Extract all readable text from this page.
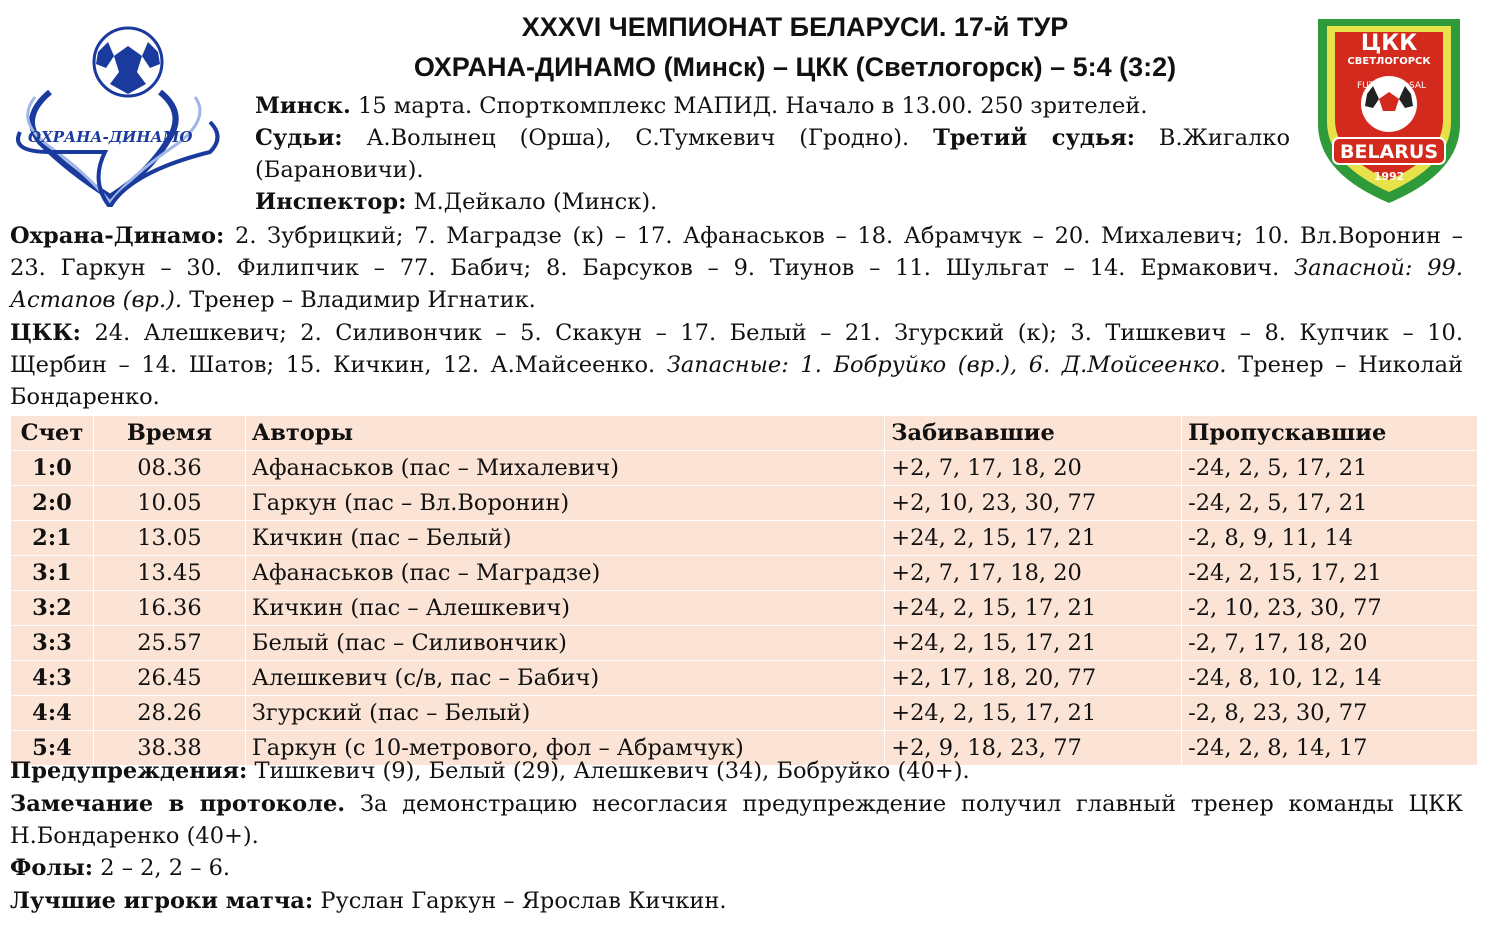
ОХРАНА-ДИНАМО
ЦКК
СВЕТЛОГОРСК
FUT	SAL
BELARUS
1992
XXXVI ЧЕМПИОНАТ БЕЛАРУСИ. 17-й ТУР
ОХРАНА-ДИНАМО (Минск) – ЦКК (Светлогорск) – 5:4 (3:2)
Минск. 15 марта. Спорткомплекс МАПИД. Начало в 13.00. 250 зрителей.
Судьи: А.Волынец (Орша), С.Тумкевич (Гродно). Третий судья: В.Жигалко
(Барановичи).
Инспектор: М.Дейкало (Минск).
Охрана-Динамо: 2. Зубрицкий; 7. Маградзе (к) – 17. Афанаськов – 18. Абрамчук – 20. Михалевич; 10. Вл.Воронин –
23. Гаркун – 30. Филипчик – 77. Бабич; 8. Барсуков – 9. Тиунов – 11. Шульгат – 14. Ермакович. Запасной: 99.
Астапов (вр.). Тренер – Владимир Игнатик.
ЦКК: 24. Алешкевич; 2. Силивончик – 5. Скакун – 17. Белый – 21. Згурский (к); 3. Тишкевич – 8. Купчик – 10.
Щербин – 14. Шатов; 15. Кичкин, 12. А.Майсеенко. Запасные: 1. Бобруйко (вр.), 6. Д.Мойсеенко. Тренер – Николай
Бондаренко.
Счет	Время	Авторы	Забивавшие	Пропускавшие
1:0	08.36	Афанаськов (пас – Михалевич)	+2, 7, 17, 18, 20	-24, 2, 5, 17, 21
2:0	10.05	Гаркун (пас – Вл.Воронин)	+2, 10, 23, 30, 77	-24, 2, 5, 17, 21
2:1	13.05	Кичкин (пас – Белый)	+24, 2, 15, 17, 21	-2, 8, 9, 11, 14
3:1	13.45	Афанаськов (пас – Маградзе)	+2, 7, 17, 18, 20	-24, 2, 15, 17, 21
3:2	16.36	Кичкин (пас – Алешкевич)	+24, 2, 15, 17, 21	-2, 10, 23, 30, 77
3:3	25.57	Белый (пас – Силивончик)	+24, 2, 15, 17, 21	-2, 7, 17, 18, 20
4:3	26.45	Алешкевич (с/в, пас – Бабич)	+2, 17, 18, 20, 77	-24, 8, 10, 12, 14
4:4	28.26	Згурский (пас – Белый)	+24, 2, 15, 17, 21	-2, 8, 23, 30, 77
5:4	38.38	Гаркун (с 10-метрового, фол – Абрамчук)	+2, 9, 18, 23, 77	-24, 2, 8, 14, 17
Предупреждения: Тишкевич (9), Белый (29), Алешкевич (34), Бобруйко (40+).
Замечание в протоколе. За демонстрацию несогласия предупреждение получил главный тренер команды ЦКК
Н.Бондаренко (40+).
Фолы: 2 – 2, 2 – 6.
Лучшие игроки матча: Руслан Гаркун – Ярослав Кичкин.
